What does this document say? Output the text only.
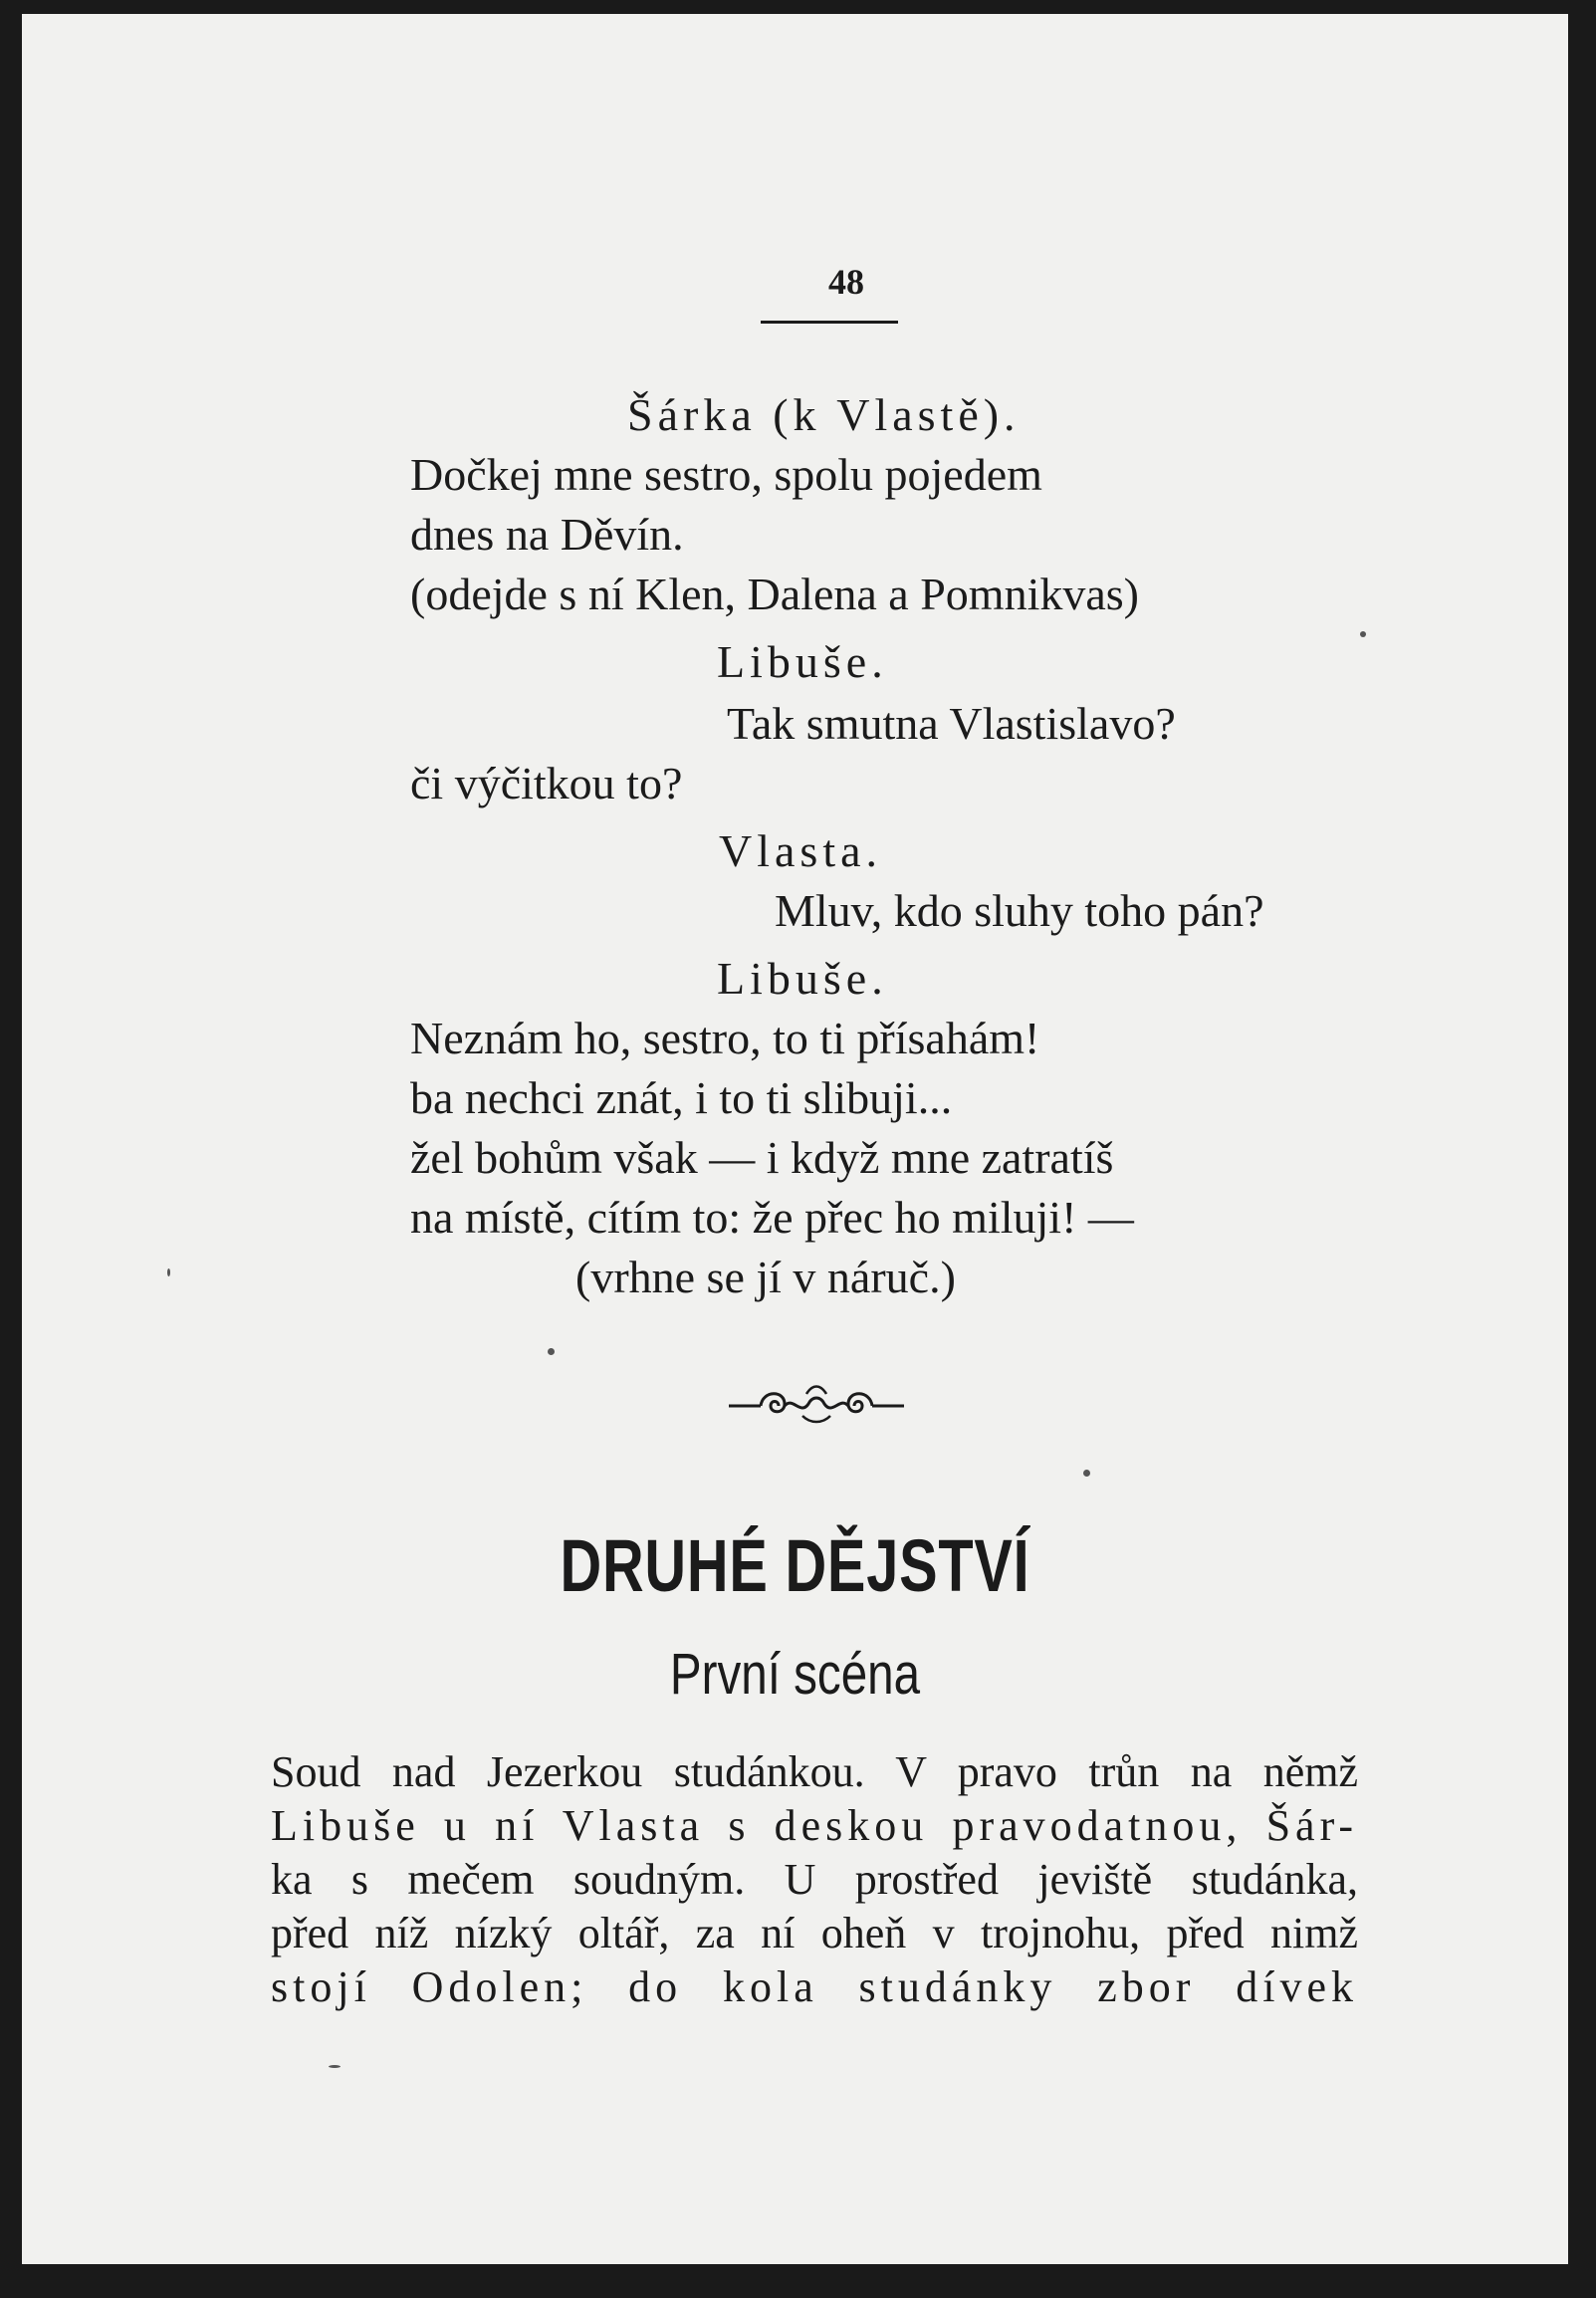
48
Šárka (k Vlastě).
Dočkej mne sestro, spolu pojedem
dnes na Děvín.
(odejde s ní Klen, Dalena a Pomnikvas)
Libuše.
Tak smutna Vlastislavo?
či výčitkou to?
Vlasta.
Mluv, kdo sluhy toho pán?
Libuše.
Neznám ho, sestro, to ti přísahám!
ba nechci znát, i to ti slibuji...
žel bohům však — i když mne zatratíš
na místě, cítím to: že přec ho miluji! —
(vrhne se jí v náruč.)
DRUHÉ DĚJSTVÍ
První scéna
Soud nad Jezerkou studánkou. V pravo trůn na němž
Libuše u ní Vlasta s deskou pravodatnou, Šár-
ka s mečem soudným. U prostřed jeviště studánka,
před níž nízký oltář, za ní oheň v trojnohu, před nimž
stojí Odolen; do kola studánky zbor dívek
